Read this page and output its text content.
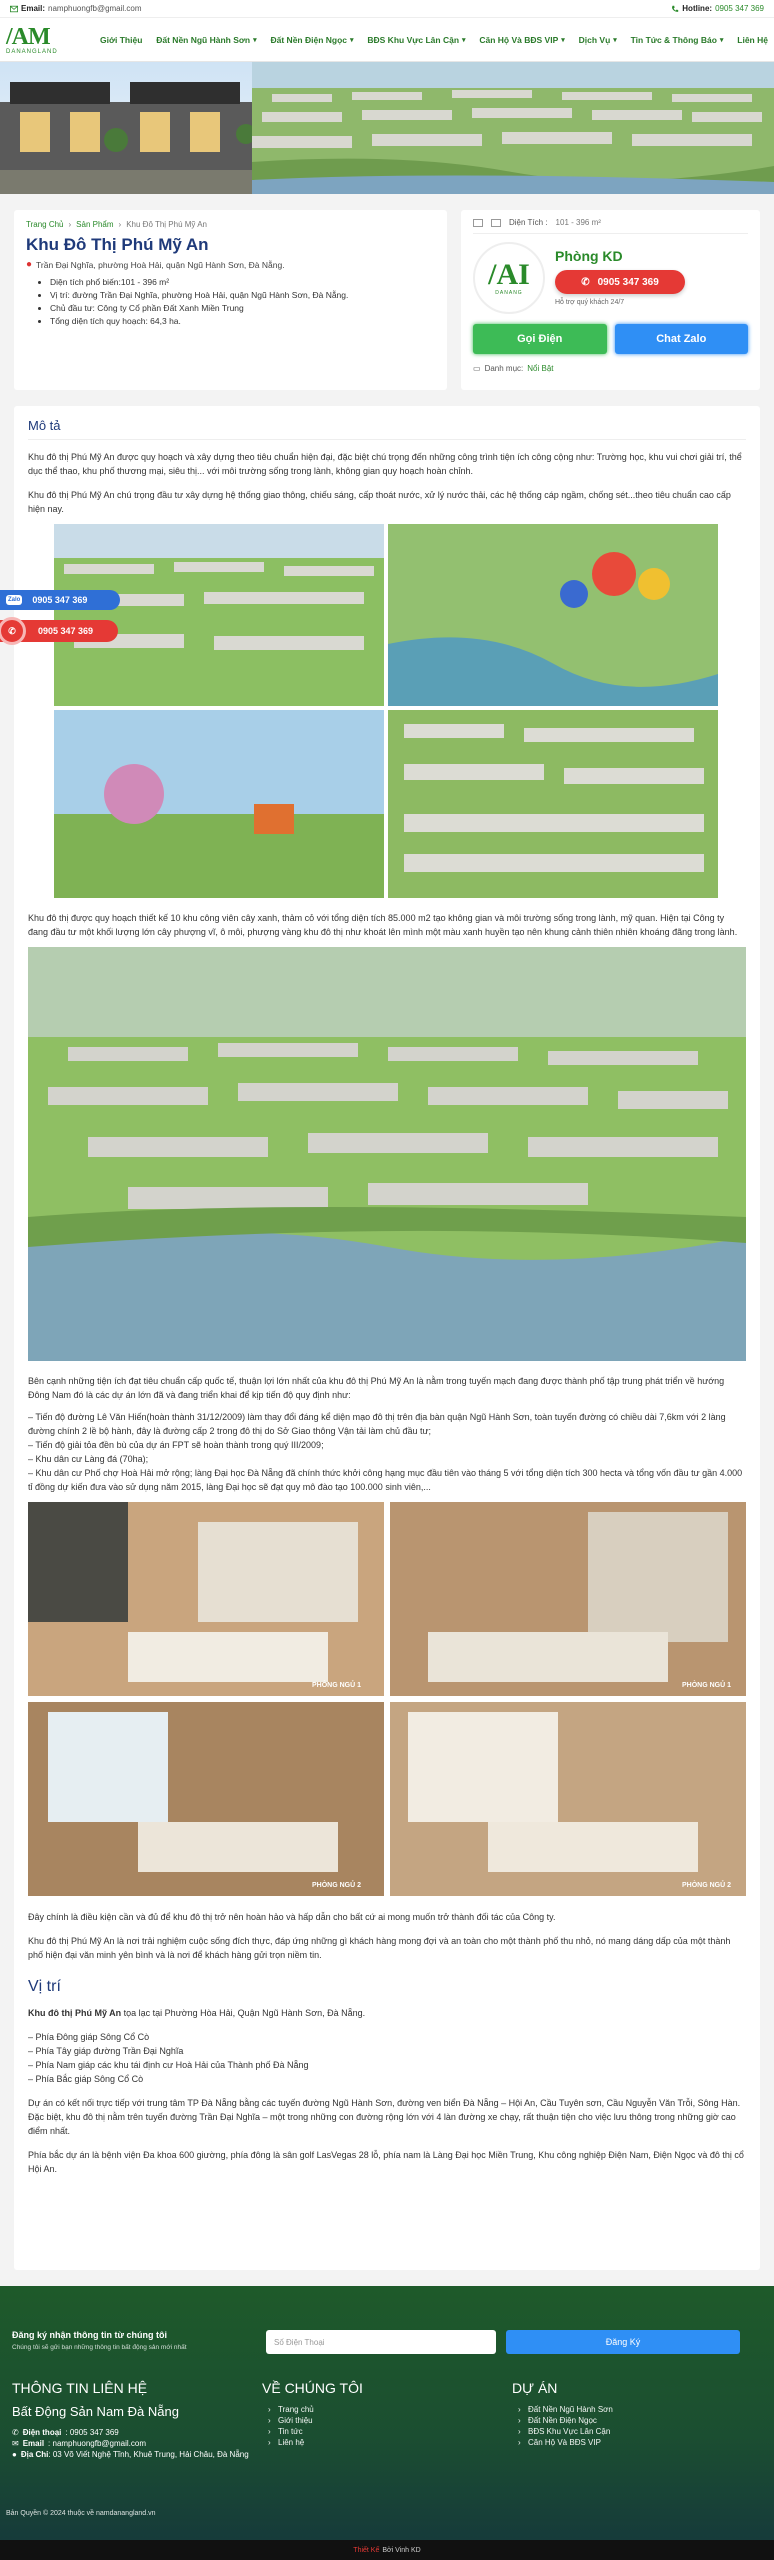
Email: namphuongfb@gmail.com	Hotline: 0905 347 369
/AM
DANANGLAND
Giới Thiệu Đất Nền Ngũ Hành Sơn ▾ Đất Nền Điện Ngọc ▾ BĐS Khu Vực Lân Cận ▾ Căn Hộ Và BĐS VIP ▾ Dịch Vụ ▾ Tin Tức & Thông Báo ▾ Liên Hệ
Trang Chủ › Sản Phẩm › Khu Đô Thị Phú Mỹ An
Khu Đô Thị Phú Mỹ An
● Trần Đại Nghĩa, phường Hoà Hải, quận Ngũ Hành Sơn, Đà Nẵng.
• Diện tích phổ biến:101 - 396 m²
• Vị trí: đường Trần Đại Nghĩa, phường Hoà Hải, quận Ngũ Hành Sơn, Đà Nẵng.
• Chủ đầu tư: Công ty Cổ phần Đất Xanh Miền Trung
• Tổng diện tích quy hoạch: 64,3 ha.
Diện Tích : 101 - 396 m²
/AI
DANANG
Phòng KD
✆ 0905 347 369
Hỗ trợ quý khách 24/7
Gọi Điện	Chat Zalo
▭ Danh mục: Nổi Bật
Mô tả

Khu đô thị Phú Mỹ An được quy hoạch và xây dựng theo tiêu chuẩn hiện đại, đặc biệt chú trọng đến những công trình tiện ích công cộng như: Trường học, khu vui chơi giải trí, thể dục thể thao, khu phố thương mại, siêu thị... với môi trường sống trong lành, không gian quy hoạch hoàn chỉnh.

Khu đô thị Phú Mỹ An chú trọng đầu tư xây dựng hệ thống giao thông, chiếu sáng, cấp thoát nước, xử lý nước thải, các hệ thống cáp ngầm, chống sét...theo tiêu chuẩn cao cấp hiện nay.

Khu đô thị được quy hoạch thiết kế 10 khu công viên cây xanh, thảm cỏ với tổng diện tích 85.000 m2 tạo không gian và môi trường sống trong lành, mỹ quan. Hiện tại Công ty đang đầu tư một khối lượng lớn cây phượng vĩ, ô môi, phượng vàng khu đô thị như khoát lên mình một màu xanh huyền tạo nên khung cảnh thiên nhiên khoáng đãng trong lành.

Bên cạnh những tiện ích đạt tiêu chuẩn cấp quốc tế, thuận lợi lớn nhất của khu đô thị Phú Mỹ An là nằm trong tuyến mạch đang được thành phố tập trung phát triển về hướng Đông Nam đó là các dự án lớn đã và đang triển khai để kịp tiến độ quy định như:

– Tiến độ đường Lê Văn Hiến(hoàn thành 31/12/2009) làm thay đổi đáng kể diện mạo đô thị trên địa bàn quận Ngũ Hành Sơn, toàn tuyến đường có chiều dài 7,6km với 2 làng đường chính 2 lề bộ hành, đây là đường cấp 2 trong đô thị do Sở Giao thông Vận tải làm chủ đầu tư;
– Tiến độ giải tỏa đền bù của dự án FPT sẽ hoàn thành trong quý III/2009;
– Khu dân cư Làng đá (70ha);
– Khu dân cư Phố chợ Hoà Hải mở rộng; làng Đại học Đà Nẵng đã chính thức khởi công hạng mục đầu tiên vào tháng 5 với tổng diện tích 300 hecta và tổng vốn đầu tư gần 4.000 tỉ đồng dự kiến đưa vào sử dụng năm 2015, làng Đại học sẽ đạt quy mô đào tạo 100.000 sinh viên,...
PHÒNG NGỦ 1	PHÒNG NGỦ 1
PHÒNG NGỦ 2	PHÒNG NGỦ 2

Đây chính là điều kiện cần và đủ để khu đô thị trở nên hoàn hảo và hấp dẫn cho bất cứ ai mong muốn trở thành đối tác của Công ty.

Khu đô thị Phú Mỹ An là nơi trải nghiệm cuộc sống đích thực, đáp ứng những gì khách hàng mong đợi và an toàn cho một thành phố thu nhỏ, nó mang dáng dấp của một thành phố hiện đại văn minh yên bình và là nơi để khách hàng gửi trọn niềm tin.

Vị trí

Khu đô thị Phú Mỹ An tọa lạc tại Phường Hòa Hải, Quận Ngũ Hành Sơn, Đà Nẵng.

– Phía Đông giáp Sông Cổ Cò
– Phía Tây giáp đường Trần Đại Nghĩa
– Phía Nam giáp các khu tái định cư Hoà Hải của Thành phố Đà Nẵng
– Phía Bắc giáp Sông Cổ Cò

Dự án có kết nối trực tiếp với trung tâm TP Đà Nẵng bằng các tuyến đường Ngũ Hành Sơn, đường ven biển Đà Nẵng – Hội An, Cầu Tuyên sơn, Cầu Nguyễn Văn Trỗi, Sông Hàn. Đặc biệt, khu đô thị nằm trên tuyến đường Trần Đại Nghĩa – một trong những con đường rộng lớn với 4 làn đường xe chạy, rất thuận tiện cho việc lưu thông trong những giờ cao điểm nhất.

Phía bắc dự án là bệnh viện Đa khoa 600 giường, phía đông là sân golf LasVegas 28 lỗ, phía nam là Làng Đại học Miền Trung, Khu công nghiệp Điện Nam, Điện Ngọc và đô thị cổ Hội An.

Zalo 0905 347 369
✆	0905 347 369
Đăng ký nhận thông tin từ chúng tôi
Chúng tôi sẽ gửi bạn những thông tin bất động sản mới nhất
Số Điện Thoại	Đăng Ký
THÔNG TIN LIÊN HỆ
Bất Động Sản Nam Đà Nẵng
✆ Điện thoại : 0905 347 369
✉ Email : namphuongfb@gmail.com
● Địa Chỉ: 03 Võ Viết Nghệ Tĩnh, Khuê Trung, Hải Châu, Đà Nẵng
VỀ CHÚNG TÔI
› Trang chủ
› Giới thiệu
› Tin tức
› Liên hệ
DỰ ÁN
› Đất Nền Ngũ Hành Sơn
› Đất Nền Điện Ngọc
› BĐS Khu Vực Lân Cận
› Căn Hộ Và BĐS VIP
Bản Quyền © 2024 thuộc về namdanangland.vn
Thiết Kế Bởi Vinh KD
